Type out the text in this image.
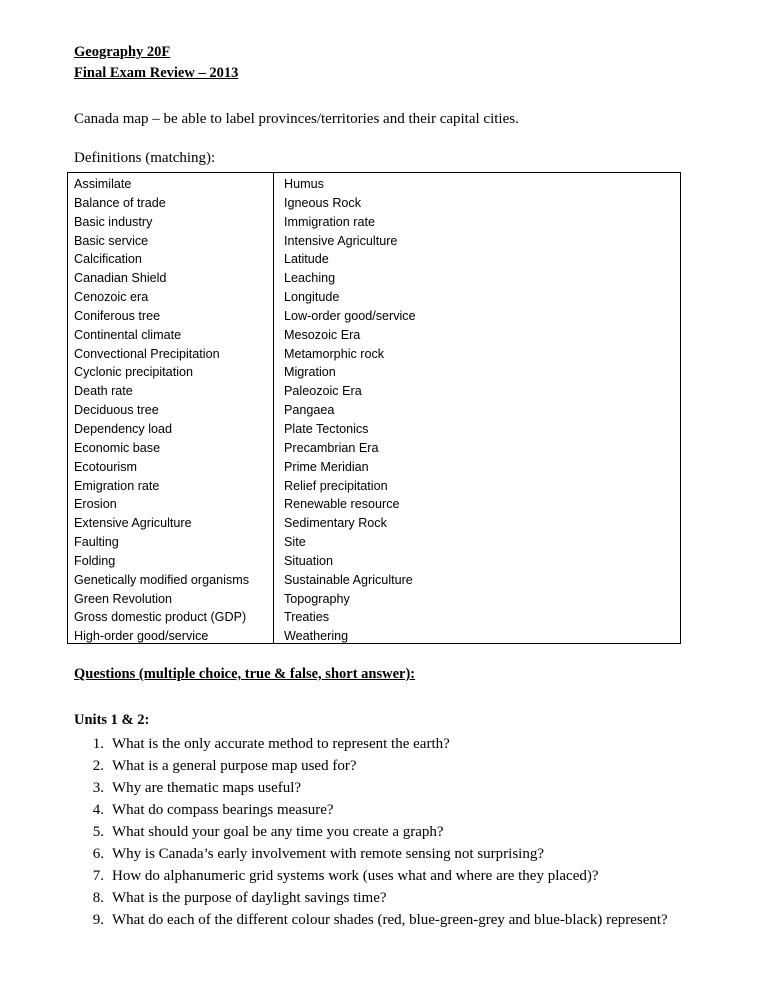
Geography 20F
Final Exam Review – 2013
Canada map – be able to label provinces/territories and their capital cities.
Definitions (matching):
Assimilate
Balance of trade
Basic industry
Basic service
Calcification
Canadian Shield
Cenozoic era
Coniferous tree
Continental climate
Convectional Precipitation
Cyclonic precipitation
Death rate
Deciduous tree
Dependency load
Economic base
Ecotourism
Emigration rate
Erosion
Extensive Agriculture
Faulting
Folding
Genetically modified organisms
Green Revolution
Gross domestic product (GDP)
High-order good/service
Humus
Igneous Rock
Immigration rate
Intensive Agriculture
Latitude
Leaching
Longitude
Low-order good/service
Mesozoic Era
Metamorphic rock
Migration
Paleozoic Era
Pangaea
Plate Tectonics
Precambrian Era
Prime Meridian
Relief precipitation
Renewable resource
Sedimentary Rock
Site
Situation
Sustainable Agriculture
Topography
Treaties
Weathering
Questions (multiple choice, true & false, short answer):
Units 1 & 2:
1. What is the only accurate method to represent the earth?
2. What is a general purpose map used for?
3. Why are thematic maps useful?
4. What do compass bearings measure?
5. What should your goal be any time you create a graph?
6. Why is Canada’s early involvement with remote sensing not surprising?
7. How do alphanumeric grid systems work (uses what and where are they placed)?
8. What is the purpose of daylight savings time?
9. What do each of the different colour shades (red, blue-green-grey and blue-black) represent?
